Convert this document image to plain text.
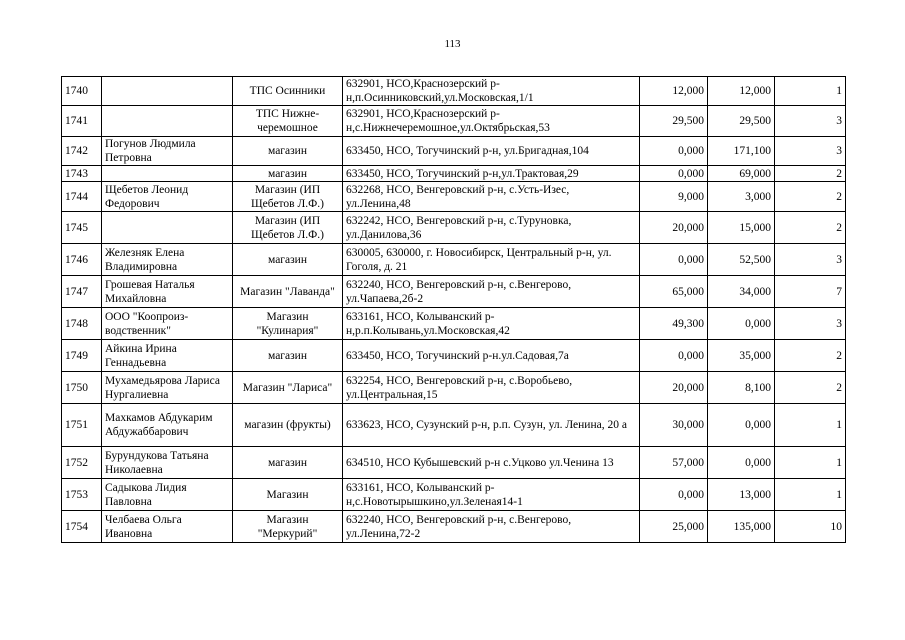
113
1740		ТПС Осинники	632901, НСО,Краснозерский р-н,п.Осинниковский,ул.Московская,1/1	12,000	12,000	1
1741		ТПС Нижне-черемошное	632901, НСО,Краснозерский р-н,с.Нижнечеремошное,ул.Октябрьская,53	29,500	29,500	3
1742	Погунов Людмила Петровна	магазин	633450, НСО, Тогучинский р-н, ул.Бригадная,104	0,000	171,100	3
1743		магазин	633450, НСО, Тогучинский р-н,ул.Трактовая,29	0,000	69,000	2
1744	Щебетов Леонид Федорович	Магазин (ИП Щебетов Л.Ф.)	632268, НСО, Венгеровский р-н, с.Усть-Изес, ул.Ленина,48	9,000	3,000	2
1745		Магазин (ИП Щебетов Л.Ф.)	632242, НСО, Венгеровский р-н, с.Туруновка, ул.Данилова,36	20,000	15,000	2
1746	Железняк Елена Владимировна	магазин	630005, 630000, г. Новосибирск, Центральный р-н, ул. Гоголя, д. 21	0,000	52,500	3
1747	Грошевая Наталья Михайловна	Магазин "Лаванда"	632240, НСО, Венгеровский р-н, с.Венгерово, ул.Чапаева,2б-2	65,000	34,000	7
1748	ООО "Коопроиз-водственник"	Магазин "Кулинария"	633161, НСО, Колыванский р-н,р.п.Колывань,ул.Московская,42	49,300	0,000	3
1749	Айкина Ирина Геннадьевна	магазин	633450, НСО, Тогучинский р-н.ул.Садовая,7а	0,000	35,000	2
1750	Мухамедьярова Лариса Нургалиевна	Магазин "Лариса"	632254, НСО, Венгеровский р-н, с.Воробьево, ул.Центральная,15	20,000	8,100	2
1751	Махкамов Абдукарим Абдужаббарович	магазин (фрукты)	633623, НСО, Сузунский р-н, р.п. Сузун, ул. Ленина, 20 а	30,000	0,000	1
1752	Бурундукова Татьяна Николаевна	магазин	634510, НСО Кубышевский р-н с.Уцково ул.Ченина 13	57,000	0,000	1
1753	Садыкова Лидия Павловна	Магазин	633161, НСО, Колыванский р-н,с.Новотырышкино,ул.Зеленая14-1	0,000	13,000	1
1754	Челбаева Ольга Ивановна	Магазин "Меркурий"	632240, НСО, Венгеровский р-н, с.Венгерово, ул.Ленина,72-2	25,000	135,000	10
